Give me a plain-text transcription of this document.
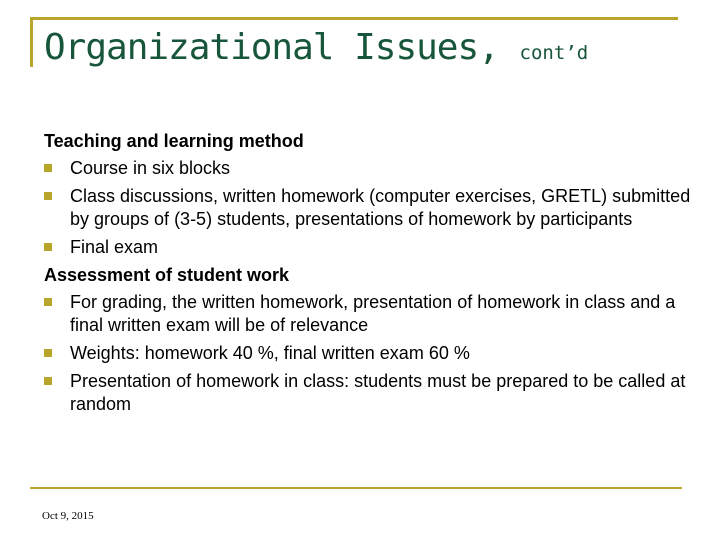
Organizational Issues, cont’d
Teaching and learning method
Course in six blocks
Class discussions, written homework (computer exercises, GRETL) submitted by groups of (3-5) students, presentations of homework by participants
Final exam
Assessment of student work
For grading, the written homework, presentation of homework in class and a final written exam will be of relevance
Weights: homework 40 %, final written exam 60 %
Presentation of homework in class: students must be prepared to be called at random
Oct 9, 2015
